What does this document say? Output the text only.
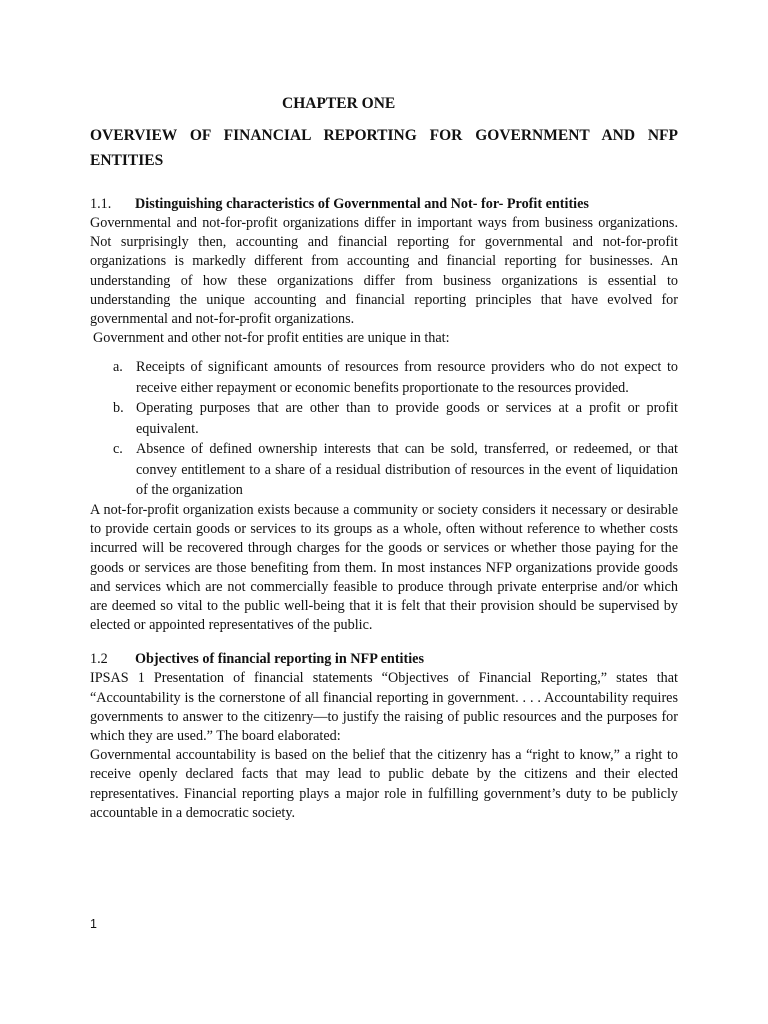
CHAPTER ONE
OVERVIEW OF FINANCIAL REPORTING FOR GOVERNMENT AND NFP ENTITIES
1.1.	Distinguishing characteristics of Governmental and Not- for- Profit entities

Governmental and not-for-profit organizations differ in important ways from business organizations. Not surprisingly then, accounting and financial reporting for governmental and not-for-profit organizations is markedly different from accounting and financial reporting for businesses. An understanding of how these organizations differ from business organizations is essential to understanding the unique accounting and financial reporting principles that have evolved for governmental and not-for-profit organizations.

Government and other not-for profit entities are unique in that:

a. Receipts of significant amounts of resources from resource providers who do not expect to receive either repayment or economic benefits proportionate to the resources provided.
b. Operating purposes that are other than to provide goods or services at a profit or profit equivalent.
c. Absence of defined ownership interests that can be sold, transferred, or redeemed, or that convey entitlement to a share of a residual distribution of resources in the event of liquidation of the organization

A not-for-profit organization exists because a community or society considers it necessary or desirable to provide certain goods or services to its groups as a whole, often without reference to whether costs incurred will be recovered through charges for the goods or services or whether those paying for the goods or services are those benefiting from them. In most instances NFP organizations provide goods and services which are not commercially feasible to produce through private enterprise and/or which are deemed so vital to the public well-being that it is felt that their provision should be supervised by elected or appointed representatives of the public.

1.2	Objectives of financial reporting in NFP entities

IPSAS 1 Presentation of financial statements “Objectives of Financial Reporting,” states that “Accountability is the cornerstone of all financial reporting in government. . . . Accountability requires governments to answer to the citizenry—to justify the raising of public resources and the purposes for which they are used.” The board elaborated:

Governmental accountability is based on the belief that the citizenry has a “right to know,” a right to receive openly declared facts that may lead to public debate by the citizens and their elected representatives. Financial reporting plays a major role in fulfilling government’s duty to be publicly accountable in a democratic society.

1
